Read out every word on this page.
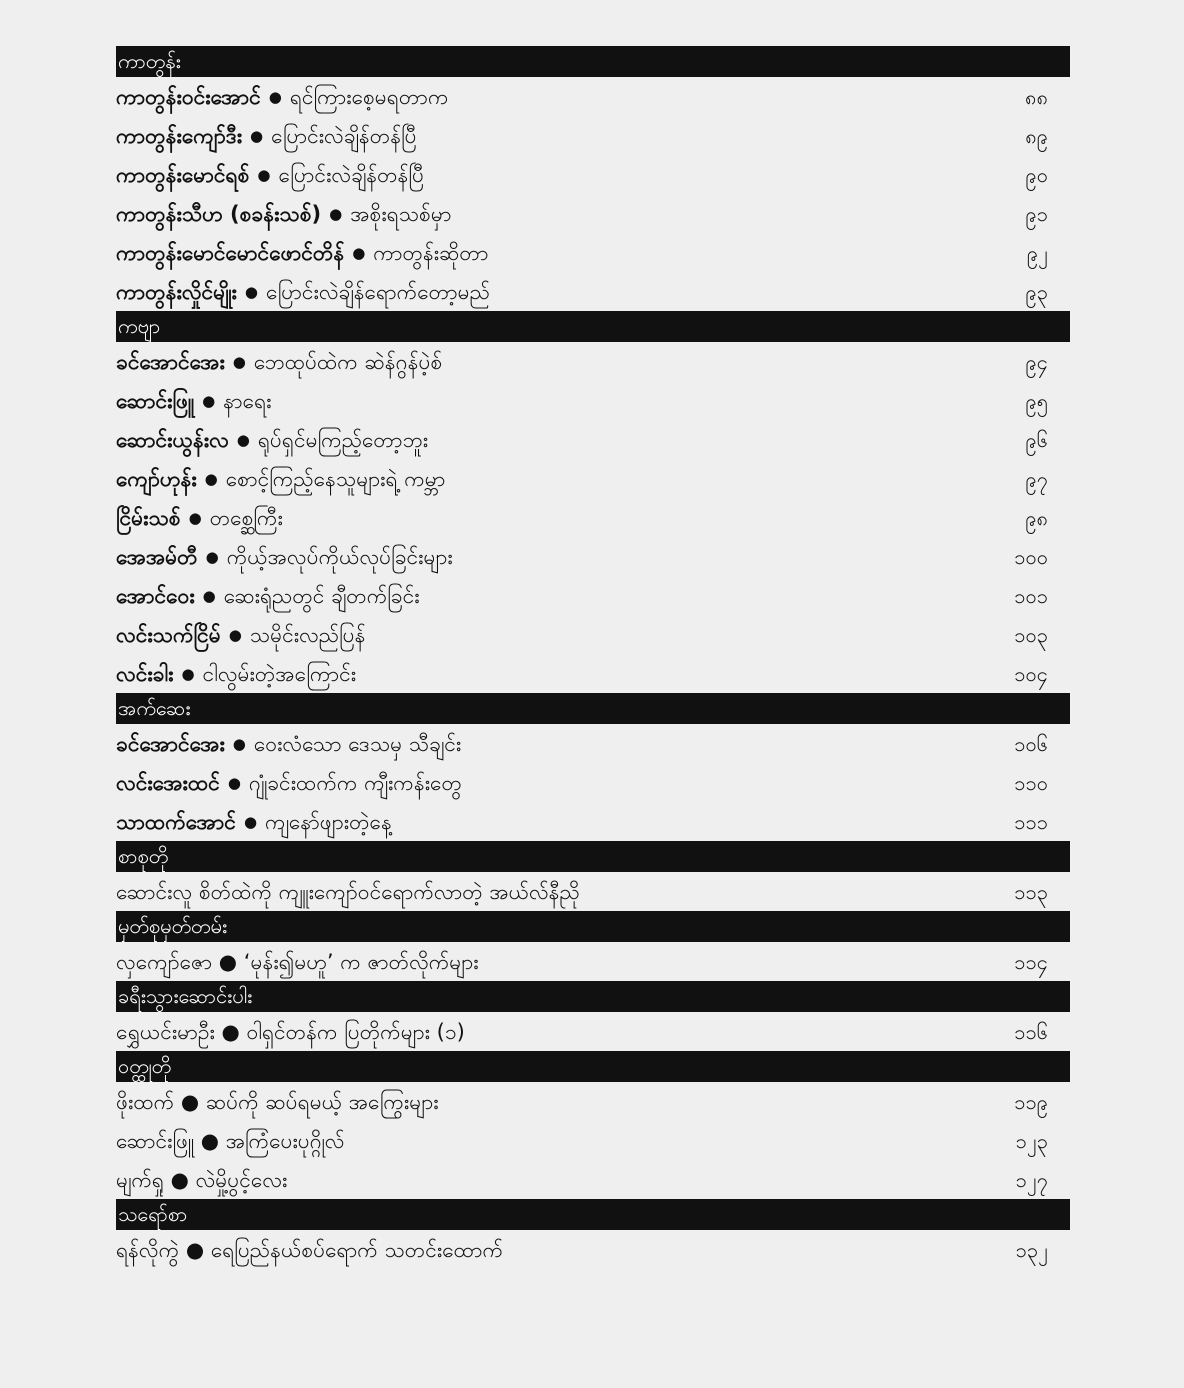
ကာတွန်း
ကာတွန်းဝင်းအောင် ● ရင်ကြားစေ့မရတာက	၈၈
ကာတွန်းကျော်ဒီး ● ပြောင်းလဲချိန်တန်ပြီ	၈၉
ကာတွန်းမောင်ရစ် ● ပြောင်းလဲချိန်တန်ပြီ	၉၀
ကာတွန်းသီဟ (စခန်းသစ်) ● အစိုးရသစ်မှာ	၉၁
ကာတွန်းမောင်မောင်ဖောင်တိန် ● ကာတွန်းဆိုတာ	၉၂
ကာတွန်းလှိုင်မျိုး ● ပြောင်းလဲချိန်ရောက်တော့မည်	၉၃
ကဗျာ
ခင်အောင်အေး ● ဘေထုပ်ထဲက ဆဲန်ဂွန်ပဲ့စ်	၉၄
ဆောင်းဖြူ ● နာရေး	၉၅
ဆောင်းယွန်းလ ● ရုပ်ရှင်မကြည့်တော့ဘူး	၉၆
ကျော်ဟုန်း ● စောင့်ကြည့်နေသူများရဲ့ ကမ္ဘာ	၉၇
ငြိမ်းသစ် ● တစ္ဆေကြီး	၉၈
အေအမ်တီ ● ကိုယ့်အလုပ်ကိုယ်လုပ်ခြင်းများ	၁၀၀
အောင်ဝေး ● ဆေးရုံညတွင် ချီတက်ခြင်း	၁၀၁
လင်းသက်ငြိမ် ● သမိုင်းလည်ပြန်	၁၀၃
လင်းခါး ● ငါလွမ်းတဲ့အကြောင်း	၁၀၄
အက်ဆေး
ခင်အောင်အေး ● ဝေးလံသော ဒေသမှ သီချင်း	၁၀၆
လင်းအေးထင် ● ဂျုံခင်းထက်က ကျီးကန်းတွေ	၁၁၀
သာထက်အောင် ● ကျနော်ဖျားတဲ့နေ့	၁၁၁
စာစုတို
ဆောင်းလူ စိတ်ထဲကို ကျူးကျော်ဝင်ရောက်လာတဲ့ အယ်လ်နီညို	၁၁၃
မှတ်စုမှတ်တမ်း
လှကျော်ဇော ● ‘မုန်း၍မဟူ’ က ဇာတ်လိုက်များ	၁၁၄
ခရီးသွားဆောင်းပါး
ရွှေယင်းမာဦး ● ဝါရှင်တန်က ပြတိုက်များ (၁)	၁၁၆
ဝတ္ထုတို
ဖိုးထက် ● ဆပ်ကို ဆပ်ရမယ့် အကြွေးများ	၁၁၉
ဆောင်းဖြူ ● အကြံပေးပုဂ္ဂိုလ်	၁၂၃
မျက်ရှု ● လဲမှို့ပွင့်လေး	၁၂၇
သရော်စာ
ရန်လိုကွဲ ● ရေပြည်နယ်စပ်ရောက် သတင်းထောက်	၁၃၂
